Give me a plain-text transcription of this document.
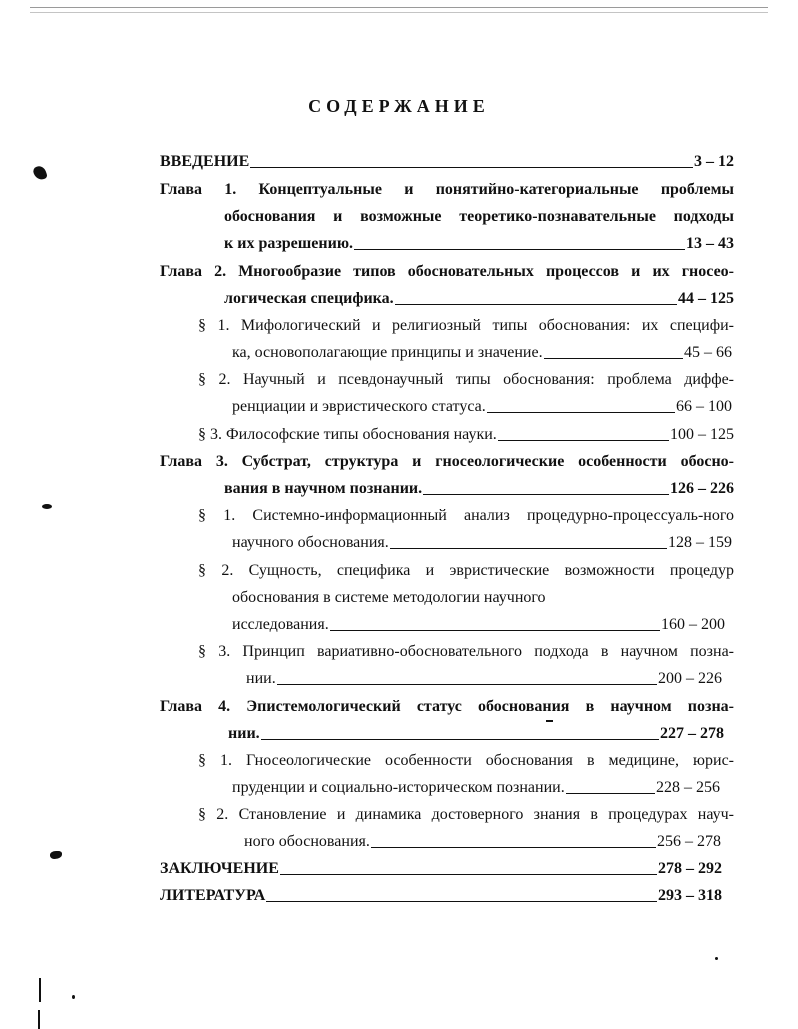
СОДЕРЖАНИЕ
ВВЕДЕНИЕ	3 – 12
Глава 1. Концептуальные и понятийно-категориальные проблемы
обоснования и возможные теоретико-познавательные подходы
к их разрешению.	13 – 43
Глава 2. Многообразие типов обосновательных процессов и их гносео-
логическая специфика.	44 – 125
§ 1. Мифологический и религиозный типы обоснования: их специфи-
ка, основополагающие принципы и значение.	45 – 66
§ 2. Научный и псевдонаучный типы обоснования: проблема диффе-
ренциации и эвристического статуса.	66 – 100
§ 3. Философские типы обоснования науки.	100 – 125
Глава 3. Субстрат, структура и гносеологические особенности обосно-
вания в научном познании.	126 – 226
§ 1. Системно-информационный анализ процедурно-процессуаль-ного
научного обоснования.	128 – 159
§ 2. Сущность, специфика и эвристические возможности процедур
обоснования в системе методологии научного
исследования.	160 – 200
§ 3. Принцип вариативно-обосновательного подхода в научном позна-
нии.	200 – 226
Глава 4. Эпистемологический статус обоснования в научном позна-
нии.	227 – 278
§ 1. Гносеологические особенности обоснования в медицине, юрис-
пруденции и социально-историческом познании.	228 – 256
§ 2. Становление и динамика достоверного знания в процедурах науч-
ного обоснования.	256 – 278
ЗАКЛЮЧЕНИЕ	278 – 292
ЛИТЕРАТУРА	293 – 318
